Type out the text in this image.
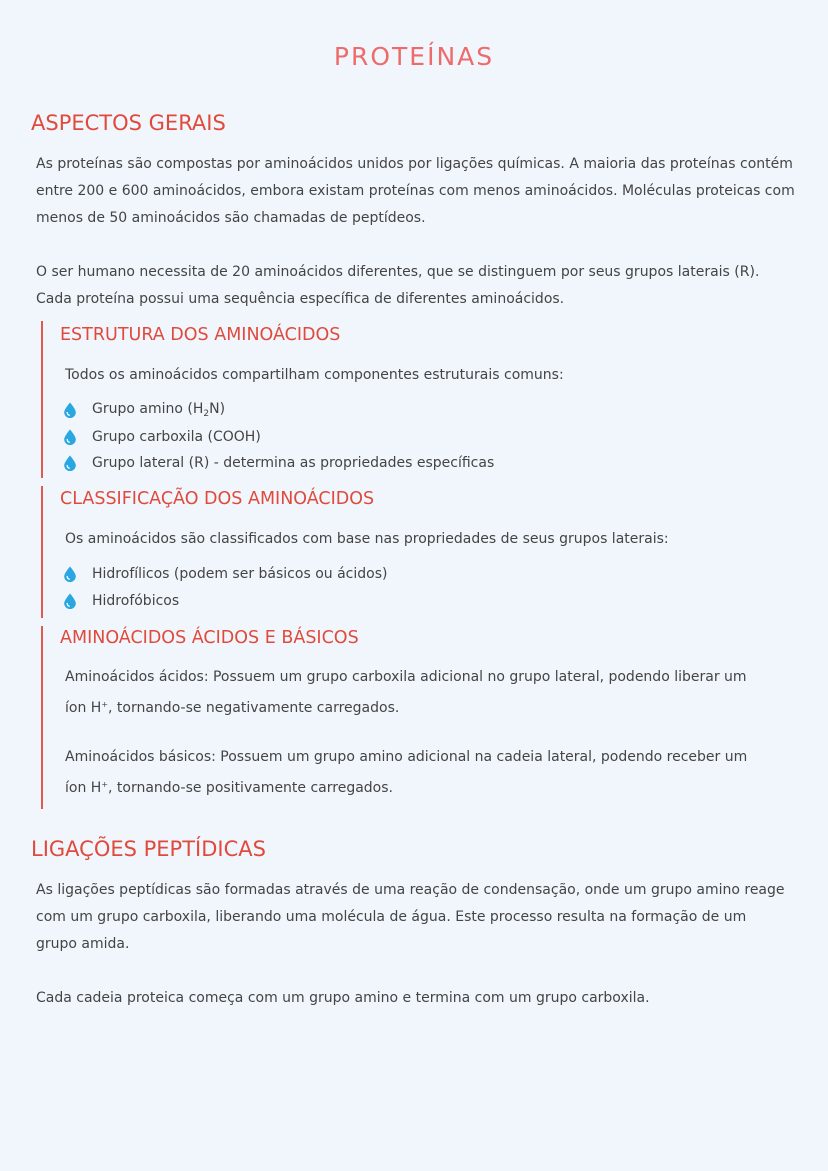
PROTEÍNAS
ASPECTOS GERAIS

As proteínas são compostas por aminoácidos unidos por ligações químicas. A maioria das proteínas contém entre 200 e 600 aminoácidos, embora existam proteínas com menos aminoácidos. Moléculas proteicas com menos de 50 aminoácidos são chamadas de peptídeos.

O ser humano necessita de 20 aminoácidos diferentes, que se distinguem por seus grupos laterais (R). Cada proteína possui uma sequência específica de diferentes aminoácidos.

ESTRUTURA DOS AMINOÁCIDOS

Todos os aminoácidos compartilham componentes estruturais comuns:

Grupo amino $(H_2N)$
Grupo carboxila (COOH)
Grupo lateral (R) - determina as propriedades específicas
CLASSIFICAÇÃO DOS AMINOÁCIDOS

Os aminoácidos são classificados com base nas propriedades de seus grupos laterais:

Hidrofílicos (podem ser básicos ou ácidos)
Hidrofóbicos
AMINOÁCIDOS ÁCIDOS E BÁSICOS

Aminoácidos ácidos: Possuem um grupo carboxila adicional no grupo lateral, podendo liberar um íon H+, tornando-se negativamente carregados.

Aminoácidos básicos: Possuem um grupo amino adicional na cadeia lateral, podendo receber um íon H+, tornando-se positivamente carregados.

LIGAÇÕES PEPTÍDICAS

As ligações peptídicas são formadas através de uma reação de condensação, onde um grupo amino reage com um grupo carboxila, liberando uma molécula de água. Este processo resulta na formação de um grupo amida.

Cada cadeia proteica começa com um grupo amino e termina com um grupo carboxila.
